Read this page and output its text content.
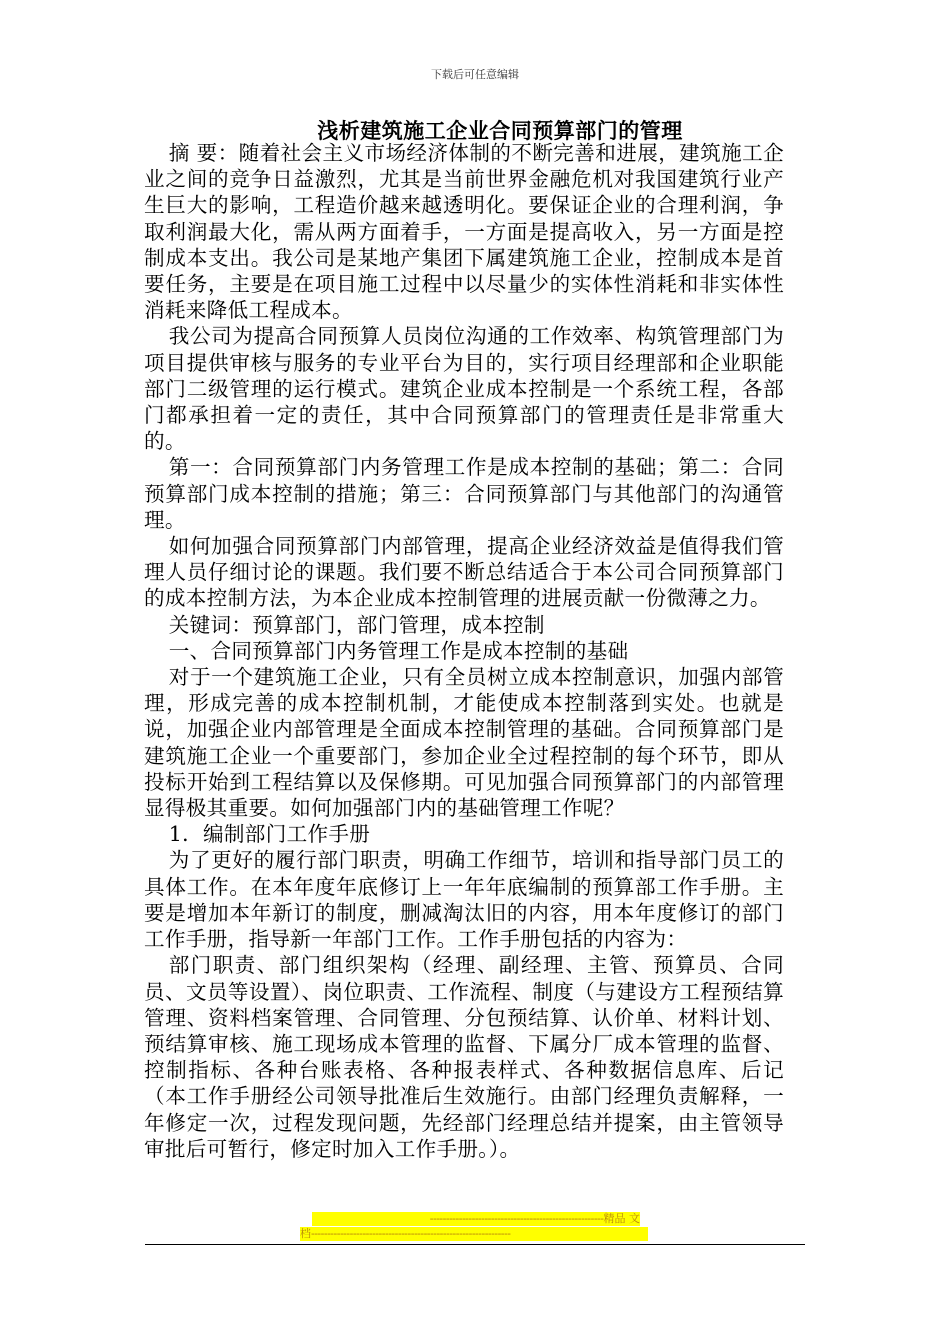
下载后可任意编辑
浅析建筑施工企业合同预算部门的管理

摘 要：随着社会主义市场经济体制的不断完善和进展，建筑施工企业之间的竞争日益激烈，尤其是当前世界金融危机对我国建筑行业产生巨大的影响，工程造价越来越透明化。要保证企业的合理利润，争取利润最大化，需从两方面着手，一方面是提高收入，另一方面是控制成本支出。我公司是某地产集团下属建筑施工企业，控制成本是首要任务，主要是在项目施工过程中以尽量少的实体性消耗和非实体性消耗来降低工程成本。

我公司为提高合同预算人员岗位沟通的工作效率、构筑管理部门为项目提供审核与服务的专业平台为目的，实行项目经理部和企业职能部门二级管理的运行模式。建筑企业成本控制是一个系统工程，各部门都承担着一定的责任，其中合同预算部门的管理责任是非常重大的。

第一：合同预算部门内务管理工作是成本控制的基础；第二：合同预算部门成本控制的措施；第三：合同预算部门与其他部门的沟通管理。

如何加强合同预算部门内部管理，提高企业经济效益是值得我们管理人员仔细讨论的课题。我们要不断总结适合于本公司合同预算部门的成本控制方法，为本企业成本控制管理的进展贡献一份微薄之力。

关键词：预算部门，部门管理，成本控制

一、合同预算部门内务管理工作是成本控制的基础

对于一个建筑施工企业，只有全员树立成本控制意识，加强内部管理，形成完善的成本控制机制，才能使成本控制落到实处。也就是说，加强企业内部管理是全面成本控制管理的基础。合同预算部门是建筑施工企业一个重要部门，参加企业全过程控制的每个环节，即从投标开始到工程结算以及保修期。可见加强合同预算部门的内部管理显得极其重要。如何加强部门内的基础管理工作呢？

1．编制部门工作手册

为了更好的履行部门职责，明确工作细节，培训和指导部门员工的具体工作。在本年度年底修订上一年年底编制的预算部工作手册。主要是增加本年新订的制度，删减淘汰旧的内容，用本年度修订的部门工作手册，指导新一年部门工作。工作手册包括的内容为：

部门职责、部门组织架构（经理、副经理、主管、预算员、合同员、文员等设置）、岗位职责、工作流程、制度（与建设方工程预结算管理、资料档案管理、合同管理、分包预结算、认价单、材料计划、预结算审核、施工现场成本管理的监督、下属分厂成本管理的监督、控制指标、各种台账表格、各种报表样式、各种数据信息库、后记（本工作手册经公司领导批准后生效施行。由部门经理负责解释，一年修定一次，过程发现问题，先经部门经理总结并提案，由主管领导审批后可暂行，修定时加入工作手册。）。

------------------------------------------------------精品 文
档--------------------------------------------------------------
